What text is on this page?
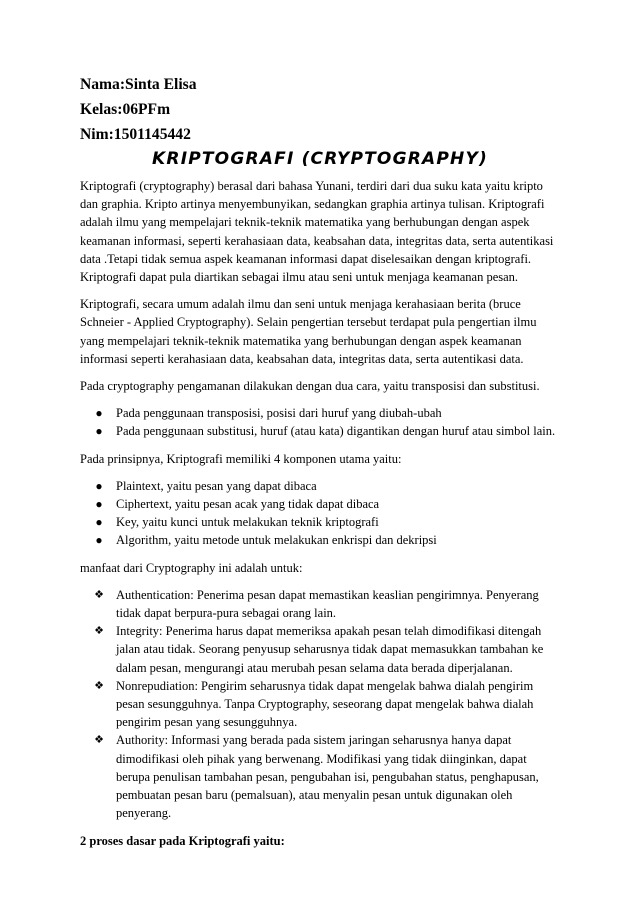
Nama:Sinta Elisa

Kelas:06PFm

Nim:1501145442

KRIPTOGRAFI (CRYPTOGRAPHY)

Kriptografi (cryptography) berasal dari bahasa Yunani, terdiri dari dua suku kata yaitu kripto dan graphia. Kripto artinya menyembunyikan, sedangkan graphia artinya tulisan. Kriptografi adalah ilmu yang mempelajari teknik-teknik matematika yang berhubungan dengan aspek keamanan informasi, seperti kerahasiaan data, keabsahan data, integritas data, serta autentikasi data .Tetapi tidak semua aspek keamanan informasi dapat diselesaikan dengan kriptografi. Kriptografi dapat pula diartikan sebagai ilmu atau seni untuk menjaga keamanan pesan.

Kriptografi, secara umum adalah ilmu dan seni untuk menjaga kerahasiaan berita (bruce Schneier - Applied Cryptography). Selain pengertian tersebut terdapat pula pengertian ilmu yang mempelajari teknik-teknik matematika yang berhubungan dengan aspek keamanan informasi seperti kerahasiaan data, keabsahan data, integritas data, serta autentikasi data.

Pada cryptography pengamanan dilakukan dengan dua cara, yaitu transposisi dan substitusi.

● Pada penggunaan transposisi, posisi dari huruf yang diubah-ubah
● Pada penggunaan substitusi, huruf (atau kata) digantikan dengan huruf atau simbol lain.

Pada prinsipnya, Kriptografi memiliki 4 komponen utama yaitu:

● Plaintext, yaitu pesan yang dapat dibaca
● Ciphertext, yaitu pesan acak yang tidak dapat dibaca
● Key, yaitu kunci untuk melakukan teknik kriptografi
● Algorithm, yaitu metode untuk melakukan enkrispi dan dekripsi

manfaat dari Cryptography ini adalah untuk:

❖ Authentication: Penerima pesan dapat memastikan keaslian pengirimnya. Penyerang tidak dapat berpura-pura sebagai orang lain.
❖ Integrity: Penerima harus dapat memeriksa apakah pesan telah dimodifikasi ditengah jalan atau tidak. Seorang penyusup seharusnya tidak dapat memasukkan tambahan ke dalam pesan, mengurangi atau merubah pesan selama data berada diperjalanan.
❖ Nonrepudiation: Pengirim seharusnya tidak dapat mengelak bahwa dialah pengirim pesan sesungguhnya. Tanpa Cryptography, seseorang dapat mengelak bahwa dialah pengirim pesan yang sesungguhnya.
❖ Authority: Informasi yang berada pada sistem jaringan seharusnya hanya dapat dimodifikasi oleh pihak yang berwenang. Modifikasi yang tidak diinginkan, dapat berupa penulisan tambahan pesan, pengubahan isi, pengubahan status, penghapusan, pembuatan pesan baru (pemalsuan), atau menyalin pesan untuk digunakan oleh penyerang.

2 proses dasar pada Kriptografi yaitu:
